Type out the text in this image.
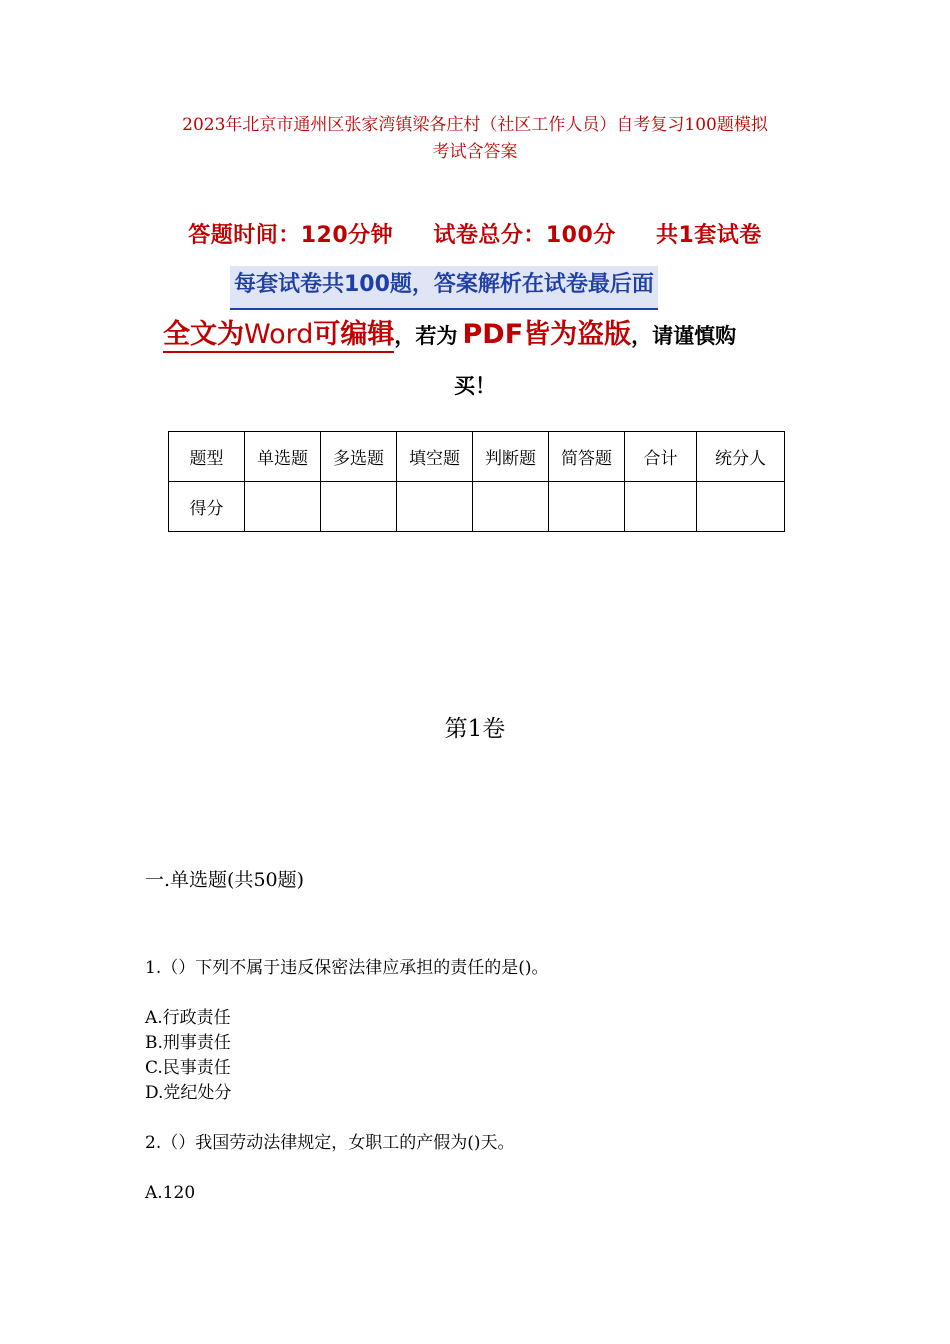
2023年北京市通州区张家湾镇梁各庄村（社区工作人员）自考复习100题模拟
考试含答案
答题时间：120分钟 试卷总分：100分 共1套试卷
每套试卷共100题，答案解析在试卷最后面
全文为Word可编辑，若为 PDF皆为盗版，请谨慎购
买！
题型	单选题	多选题	填空题	判断题	简答题	合计	统分人
得分							
第1卷
一.单选题(共50题)
1.（）下列不属于违反保密法律应承担的责任的是()。
A.行政责任
B.刑事责任
C.民事责任
D.党纪处分
2.（）我国劳动法律规定，女职工的产假为()天。
A.120
